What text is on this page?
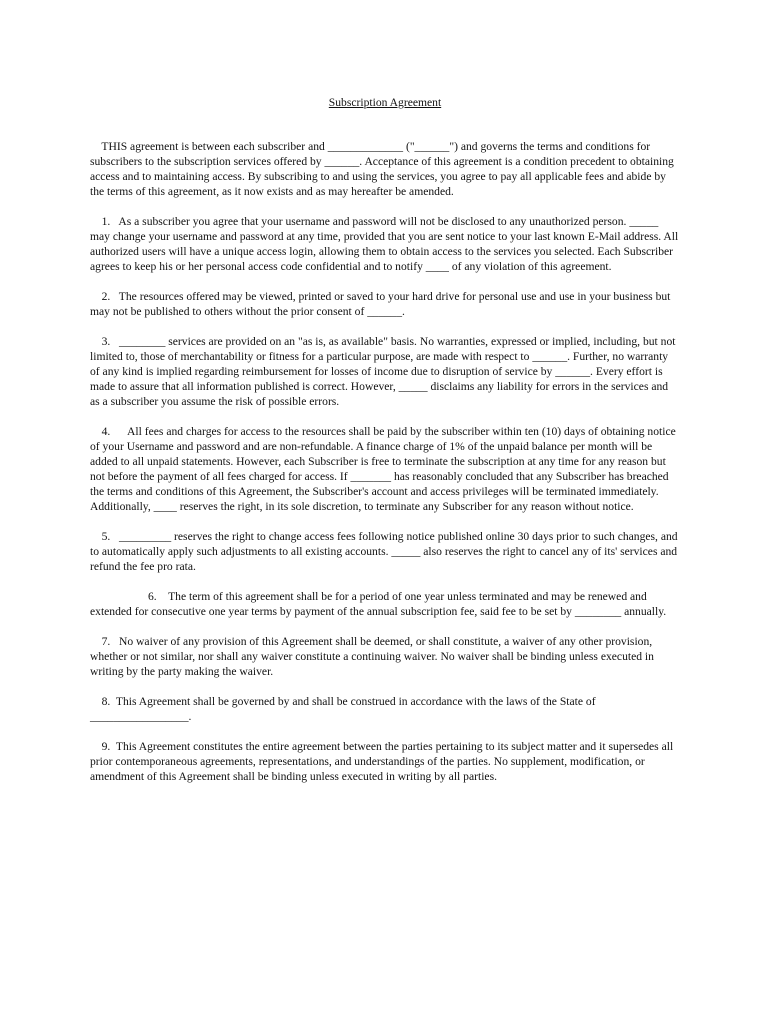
Subscription Agreement

THIS agreement is between each subscriber and _____________ ("______") and governs the terms and conditions for subscribers to the subscription services offered by ______. Acceptance of this agreement is a condition precedent to obtaining access and to maintaining access. By subscribing to and using the services, you agree to pay all applicable fees and abide by the terms of this agreement, as it now exists and as may hereafter be amended.

1.   As a subscriber you agree that your username and password will not be disclosed to any unauthorized person. _____ may change your username and password at any time, provided that you are sent notice to your last known E-Mail address. All authorized users will have a unique access login, allowing them to obtain access to the services you selected. Each Subscriber agrees to keep his or her personal access code confidential and to notify ____ of any violation of this agreement.

2.   The resources offered may be viewed, printed or saved to your hard drive for personal use and use in your business but may not be published to others without the prior consent of ______.

3.   ________ services are provided on an "as is, as available" basis. No warranties, expressed or implied, including, but not limited to, those of merchantability or fitness for a particular purpose, are made with respect to ______. Further, no warranty of any kind is implied regarding reimbursement for losses of income due to disruption of service by ______. Every effort is made to assure that all information published is correct. However, _____ disclaims any liability for errors in the services and as a subscriber you assume the risk of possible errors.

4.      All fees and charges for access to the resources shall be paid by the subscriber within ten (10) days of obtaining notice of your Username and password and are non-refundable. A finance charge of 1% of the unpaid balance per month will be added to all unpaid statements. However, each Subscriber is free to terminate the subscription at any time for any reason but not before the payment of all fees charged for access. If _______ has reasonably concluded that any Subscriber has breached the terms and conditions of this Agreement, the Subscriber's account and access privileges will be terminated immediately. Additionally, ____ reserves the right, in its sole discretion, to terminate any Subscriber for any reason without notice.

5.   _________ reserves the right to change access fees following notice published online 30 days prior to such changes, and to automatically apply such adjustments to all existing accounts. _____ also reserves the right to cancel any of its' services and refund the fee pro rata.

6.    The term of this agreement shall be for a period of one year unless terminated and may be renewed and extended for consecutive one year terms by payment of the annual subscription fee, said fee to be set by ________ annually.

7.   No waiver of any provision of this Agreement shall be deemed, or shall constitute, a waiver of any other provision, whether or not similar, nor shall any waiver constitute a continuing waiver. No waiver shall be binding unless executed in writing by the party making the waiver.

8.  This Agreement shall be governed by and shall be construed in accordance with the laws of the State of _________________.

9.  This Agreement constitutes the entire agreement between the parties pertaining to its subject matter and it supersedes all prior contemporaneous agreements, representations, and understandings of the parties. No supplement, modification, or amendment of this Agreement shall be binding unless executed in writing by all parties.
